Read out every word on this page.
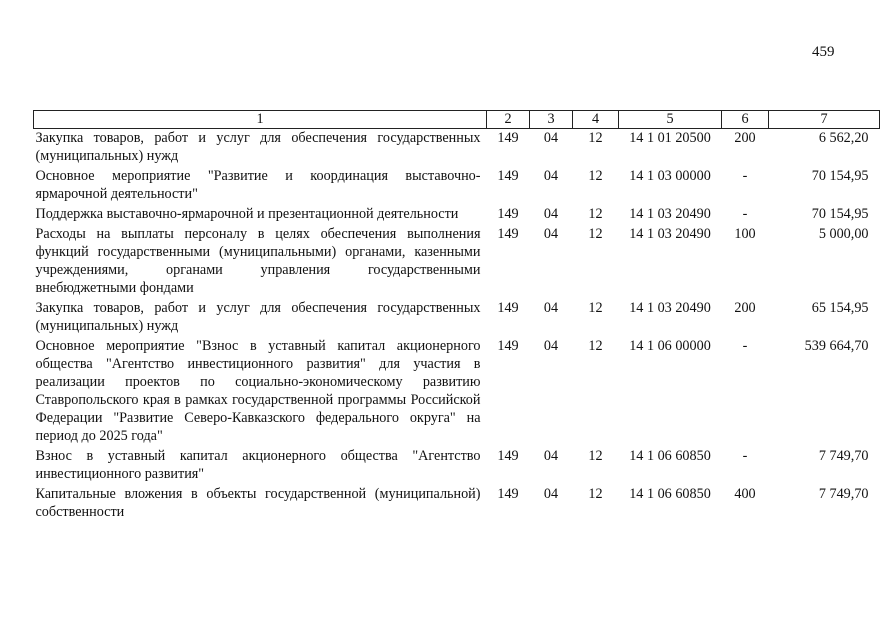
459
1	2	3	4	5	6	7
Закупка товаров, работ и услуг для обеспечения государственных (муниципальных) нужд	149	04	12	14 1 01 20500	200	6 562,20
Основное мероприятие "Развитие и координация выставочно-ярмарочной деятельности"	149	04	12	14 1 03 00000	-	70 154,95
Поддержка выставочно-ярмарочной и презентационной деятельности	149	04	12	14 1 03 20490	-	70 154,95
Расходы на выплаты персоналу в целях обеспечения выполнения функций государственными (муниципальными) органами, казенными учреждениями, органами управления государственными внебюджетными фондами	149	04	12	14 1 03 20490	100	5 000,00
Закупка товаров, работ и услуг для обеспечения государственных (муниципальных) нужд	149	04	12	14 1 03 20490	200	65 154,95
Основное мероприятие "Взнос в уставный капитал акционерного общества "Агентство инвестиционного развития" для участия в реализации проектов по социально-экономическому развитию Ставропольского края в рамках государственной программы Российской Федерации "Развитие Северо-Кавказского федерального округа" на период до 2025 года"	149	04	12	14 1 06 00000	-	539 664,70
Взнос в уставный капитал акционерного общества "Агентство инвестиционного развития"	149	04	12	14 1 06 60850	-	7 749,70
Капитальные вложения в объекты государственной (муниципальной) собственности	149	04	12	14 1 06 60850	400	7 749,70
